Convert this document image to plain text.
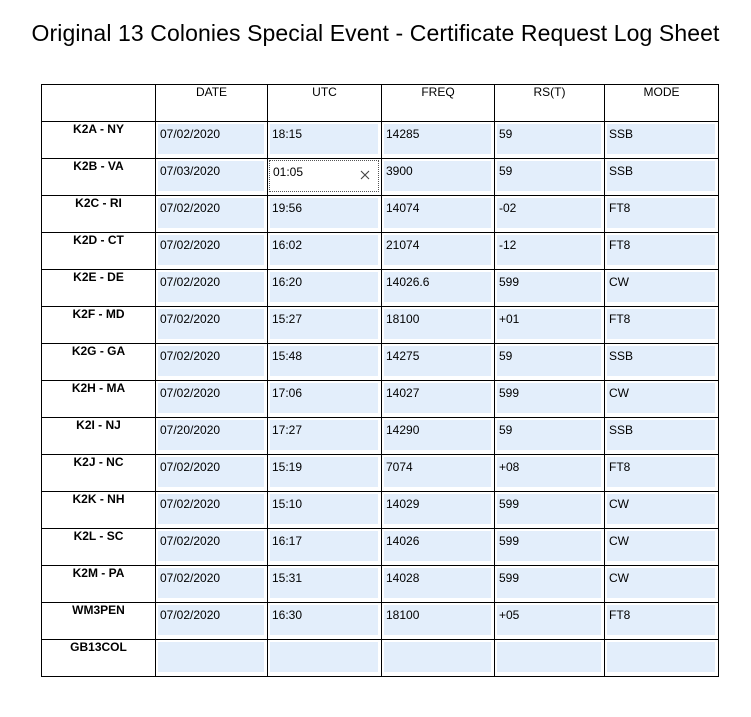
Original 13 Colonies Special Event - Certificate Request Log Sheet
	DATE	UTC	FREQ	RS(T)	MODE
K2A - NY	07/02/2020	18:15	14285	59	SSB

K2B - VA	07/03/2020	01:05	3900	59	SSB

K2C - RI	07/02/2020	19:56	14074	-02	FT8

K2D - CT	07/02/2020	16:02	21074	-12	FT8

K2E - DE	07/02/2020	16:20	14026.6	599	CW

K2F - MD	07/02/2020	15:27	18100	+01	FT8

K2G - GA	07/02/2020	15:48	14275	59	SSB

K2H - MA	07/02/2020	17:06	14027	599	CW

K2I - NJ	07/20/2020	17:27	14290	59	SSB

K2J - NC	07/02/2020	15:19	7074	+08	FT8

K2K - NH	07/02/2020	15:10	14029	599	CW

K2L - SC	07/02/2020	16:17	14026	599	CW

K2M - PA	07/02/2020	15:31	14028	599	CW

WM3PEN	07/02/2020	16:30	18100	+05	FT8

GB13COL	
